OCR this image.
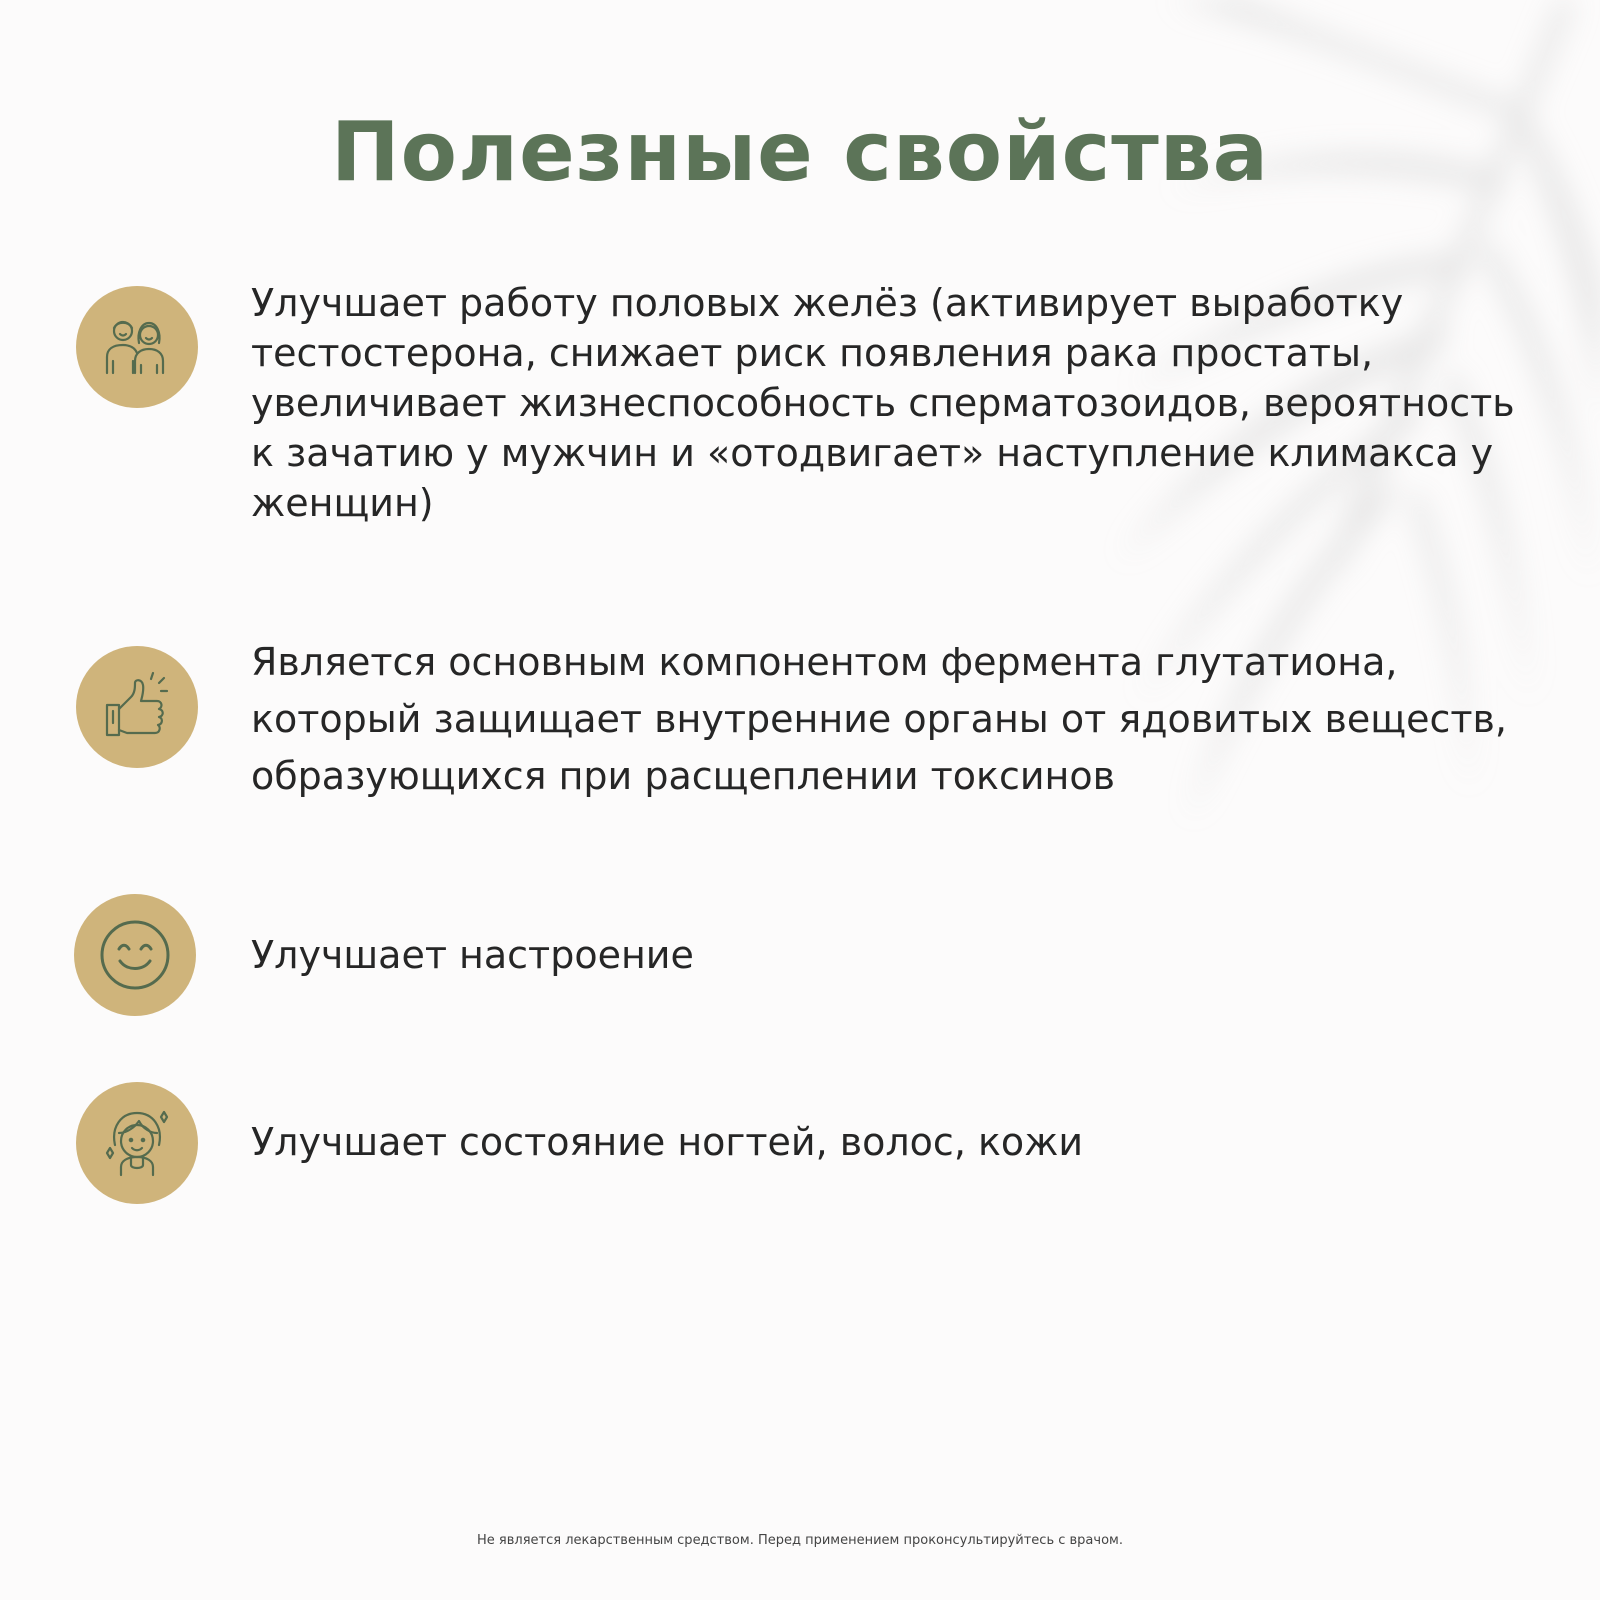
Полезные свойства

Улучшает работу половых желёз (активирует выработку тестостерона, снижает риск появления рака простаты, увеличивает жизнеспособность сперматозоидов, вероятность к зачатию у мужчин и «отодвигает» наступление климакса у женщин)

Является основным компонентом фермента глутатиона, который защищает внутренние органы от ядовитых веществ, образующихся при расщеплении токсинов

Улучшает настроение

Улучшает состояние ногтей, волос, кожи

Не является лекарственным средством. Перед применением проконсультируйтесь с врачом.
